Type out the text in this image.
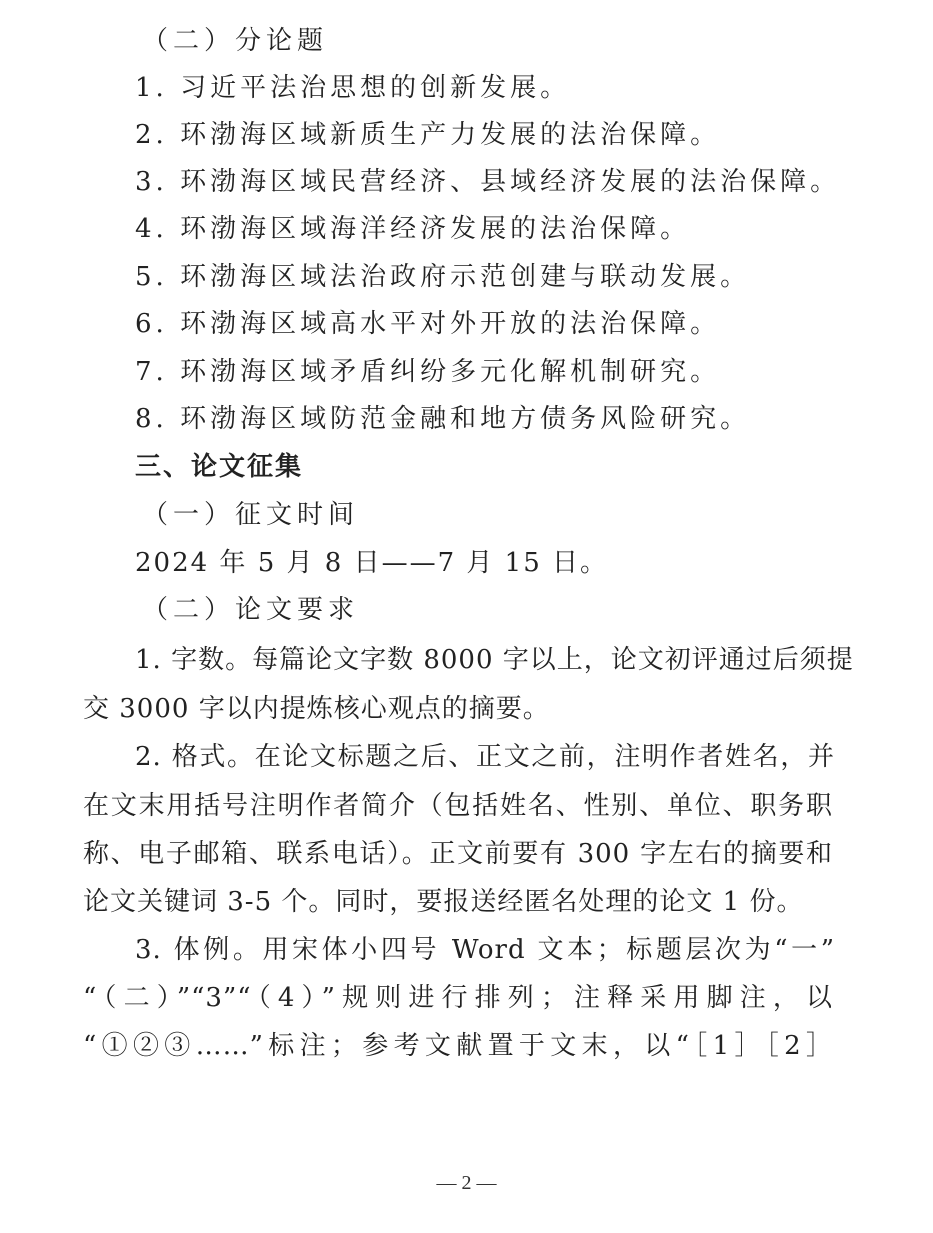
（二）分论题
1. 习近平法治思想的创新发展。
2. 环渤海区域新质生产力发展的法治保障。
3. 环渤海区域民营经济、县域经济发展的法治保障。
4. 环渤海区域海洋经济发展的法治保障。
5. 环渤海区域法治政府示范创建与联动发展。
6. 环渤海区域高水平对外开放的法治保障。
7. 环渤海区域矛盾纠纷多元化解机制研究。
8. 环渤海区域防范金融和地方债务风险研究。
三、论文征集
（一）征文时间
2024 年 5 月 8 日——7 月 15 日。
（二）论文要求
1. 字数。每篇论文字数 8000 字以上，论文初评通过后须提
交 3000 字以内提炼核心观点的摘要。
2. 格式。在论文标题之后、正文之前，注明作者姓名，并
在文末用括号注明作者简介（包括姓名、性别、单位、职务职
称、电子邮箱、联系电话）。正文前要有 300 字左右的摘要和
论文关键词 3-5 个。同时，要报送经匿名处理的论文 1 份。
3. 体例。用宋体小四号 Word 文本；标题层次为“一”
“（二）”“3”“（4）”规则进行排列；注释采用脚注，以
“①②③……”标注；参考文献置于文末，以“［1］［2］
— 2 —
